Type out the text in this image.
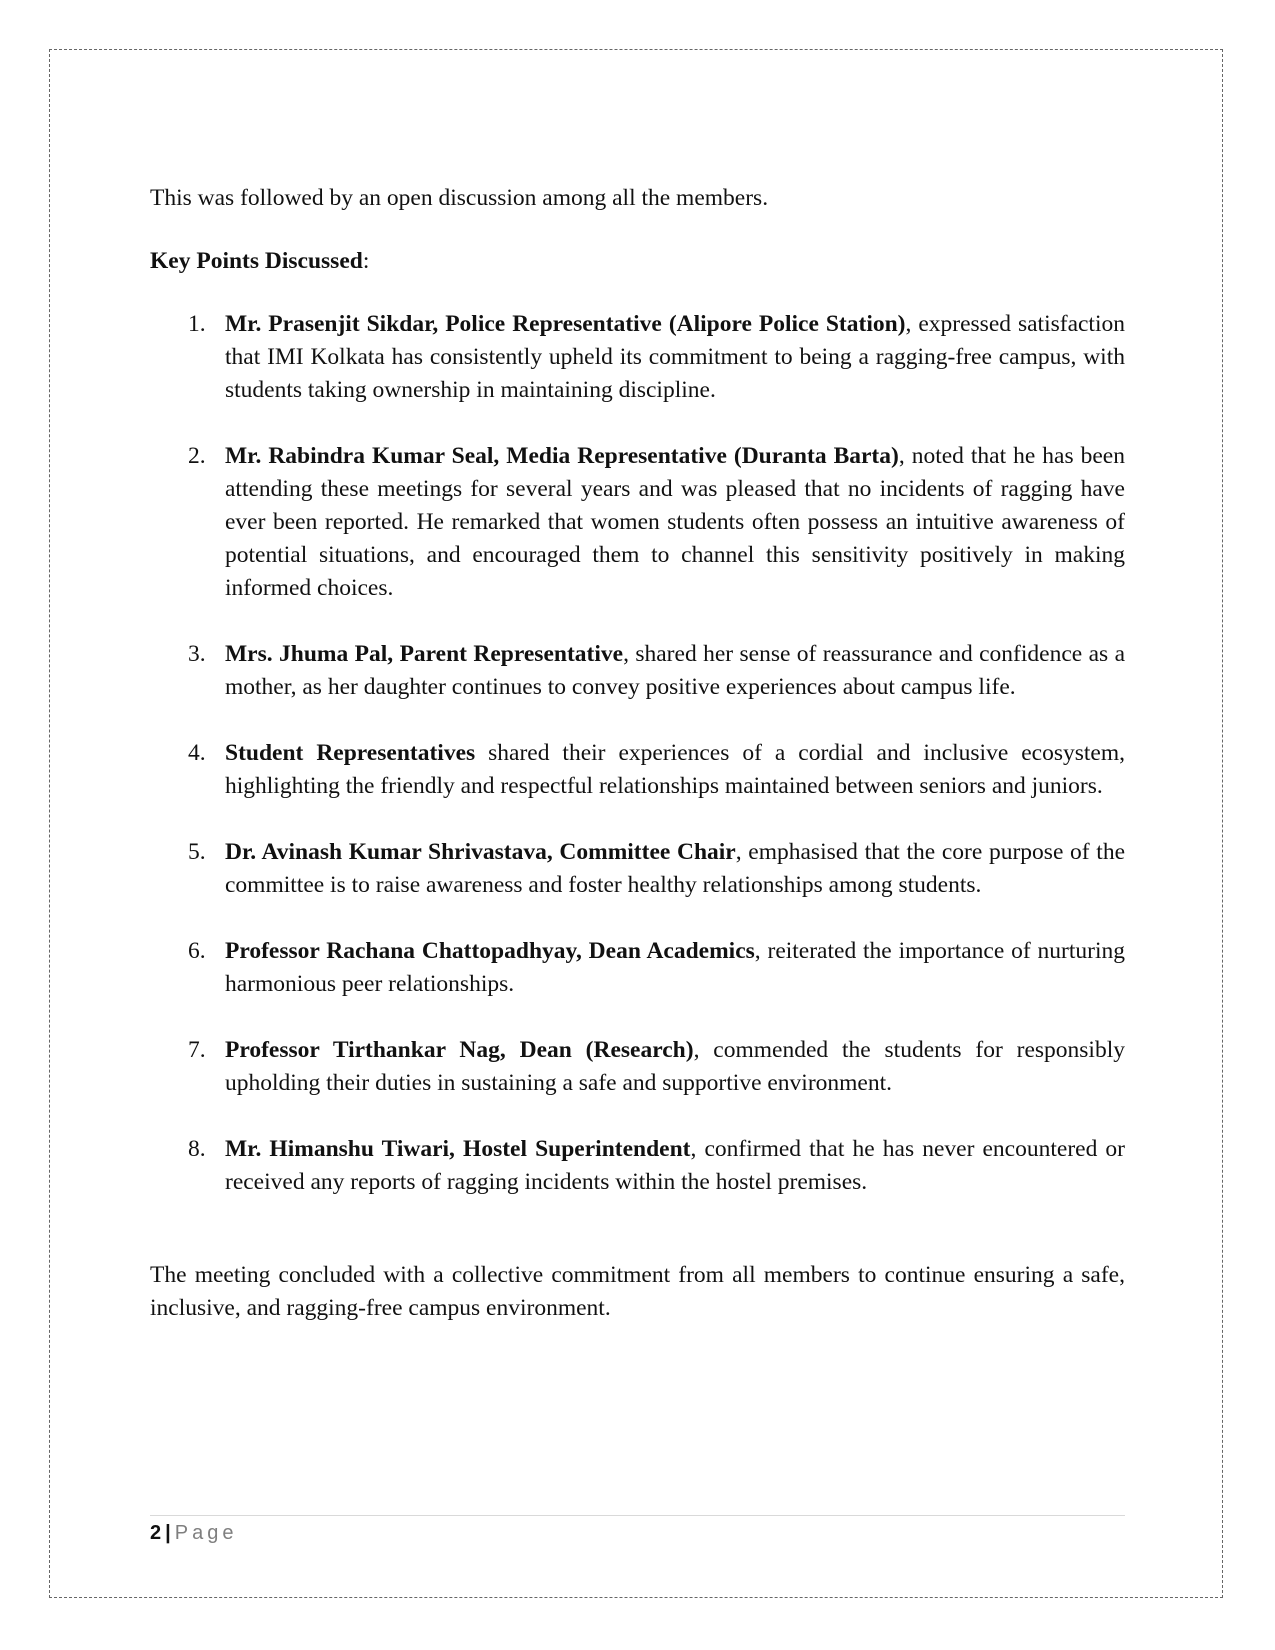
This was followed by an open discussion among all the members.

Key Points Discussed:

1. Mr. Prasenjit Sikdar, Police Representative (Alipore Police Station), expressed satisfaction that IMI Kolkata has consistently upheld its commitment to being a ragging-free campus, with students taking ownership in maintaining discipline.
2. Mr. Rabindra Kumar Seal, Media Representative (Duranta Barta), noted that he has been attending these meetings for several years and was pleased that no incidents of ragging have ever been reported. He remarked that women students often possess an intuitive awareness of potential situations, and encouraged them to channel this sensitivity positively in making informed choices.
3. Mrs. Jhuma Pal, Parent Representative, shared her sense of reassurance and confidence as a mother, as her daughter continues to convey positive experiences about campus life.
4. Student Representatives shared their experiences of a cordial and inclusive ecosystem, highlighting the friendly and respectful relationships maintained between seniors and juniors.
5. Dr. Avinash Kumar Shrivastava, Committee Chair, emphasised that the core purpose of the committee is to raise awareness and foster healthy relationships among students.
6. Professor Rachana Chattopadhyay, Dean Academics, reiterated the importance of nurturing harmonious peer relationships.
7. Professor Tirthankar Nag, Dean (Research), commended the students for responsibly upholding their duties in sustaining a safe and supportive environment.
8. Mr. Himanshu Tiwari, Hostel Superintendent, confirmed that he has never encountered or received any reports of ragging incidents within the hostel premises.

The meeting concluded with a collective commitment from all members to continue ensuring a safe, inclusive, and ragging-free campus environment.

2 | Page
